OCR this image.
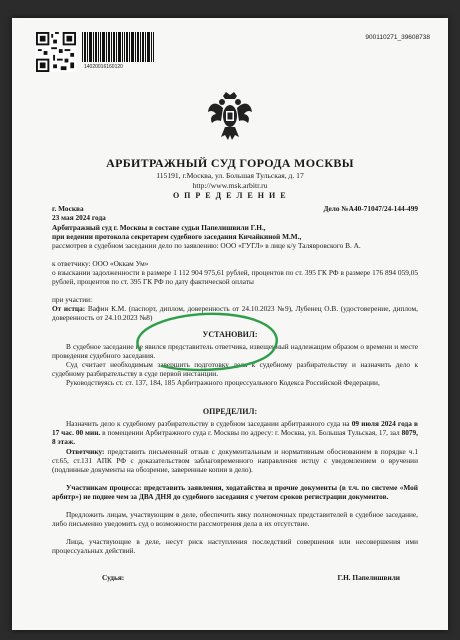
14020016160120
900110271_39608738
АРБИТРАЖНЫЙ СУД ГОРОДА МОСКВЫ
115191, г.Москва, ул. Большая Тульская, д. 17
http://www.msk.arbitr.ru
О П Р Е Д Е Л Е Н И Е
г. Москва	Дело №А40-71047/24-144-499
23 мая 2024 года
Арбитражный суд г. Москвы в составе судьи Папелишвили Г.Н.,
при ведении протокола секретарем судебного заседания Кичайкиной М.М.,
рассмотрев в судебном заседании дело по заявлению: ООО «ГУГЛ» в лице к/у Талявровского В. А.
к ответчику: ООО «Оккам Ум»
о взыскании задолженности в размере 1 112 904 975,61 рублей, процентов по ст. 395 ГК РФ в размере 176 894 059,05 рублей, процентов по ст. 395 ГК РФ по дату фактической оплаты
при участии:
От истца: Вафин К.М. (паспорт, диплом, доверенность от 24.10.2023 №9), Лубенец О.В. (удостоверение, диплом, доверенность от 24.10.2023 №8)
УСТАНОВИЛ:
В судебное заседание не явился представитель ответчика, извещенный надлежащим образом о времени и месте проведения судебного заседания.
Суд считает необходимым завершить подготовку дела к судебному разбирательству и назначить дело к судебному разбирательству в суде первой инстанции.
Руководствуясь ст. ст. 137, 184, 185 Арбитражного процессуального Кодекса Российской Федерации,
ОПРЕДЕЛИЛ:
Назначить дело к судебному разбирательству в судебном заседании арбитражного суда на 09 июля 2024 года в 17 час. 00 мин. в помещении Арбитражного суда г. Москвы по адресу: г. Москва, ул. Большая Тульская, 17, зал 8079, 8 этаж.
Ответчику: представить письменный отзыв с документальным и нормативным обоснованием в порядке ч.1 ст.65, ст.131 АПК РФ с доказательством заблаговременного направления истцу с уведомлением о вручении (подлинные документы на обозрение, заверенные копии в дело).
Участникам процесса: представить заявления, ходатайства и прочие документы (в т.ч. по системе «Мой арбитр») не поднее чем за ДВА ДНЯ до судебного заседания с учетом сроков регистрации документов.
Предложить лицам, участвующим в деле, обеспечить явку полномочных представителей в судебное заседание, либо письменно уведомить суд о возможности рассмотрения дела в их отсутствие.
Лица, участвующие в деле, несут риск наступления последствий совершения или несовершения ими процессуальных действий.
Судья:	Г.Н. Папелишвили
